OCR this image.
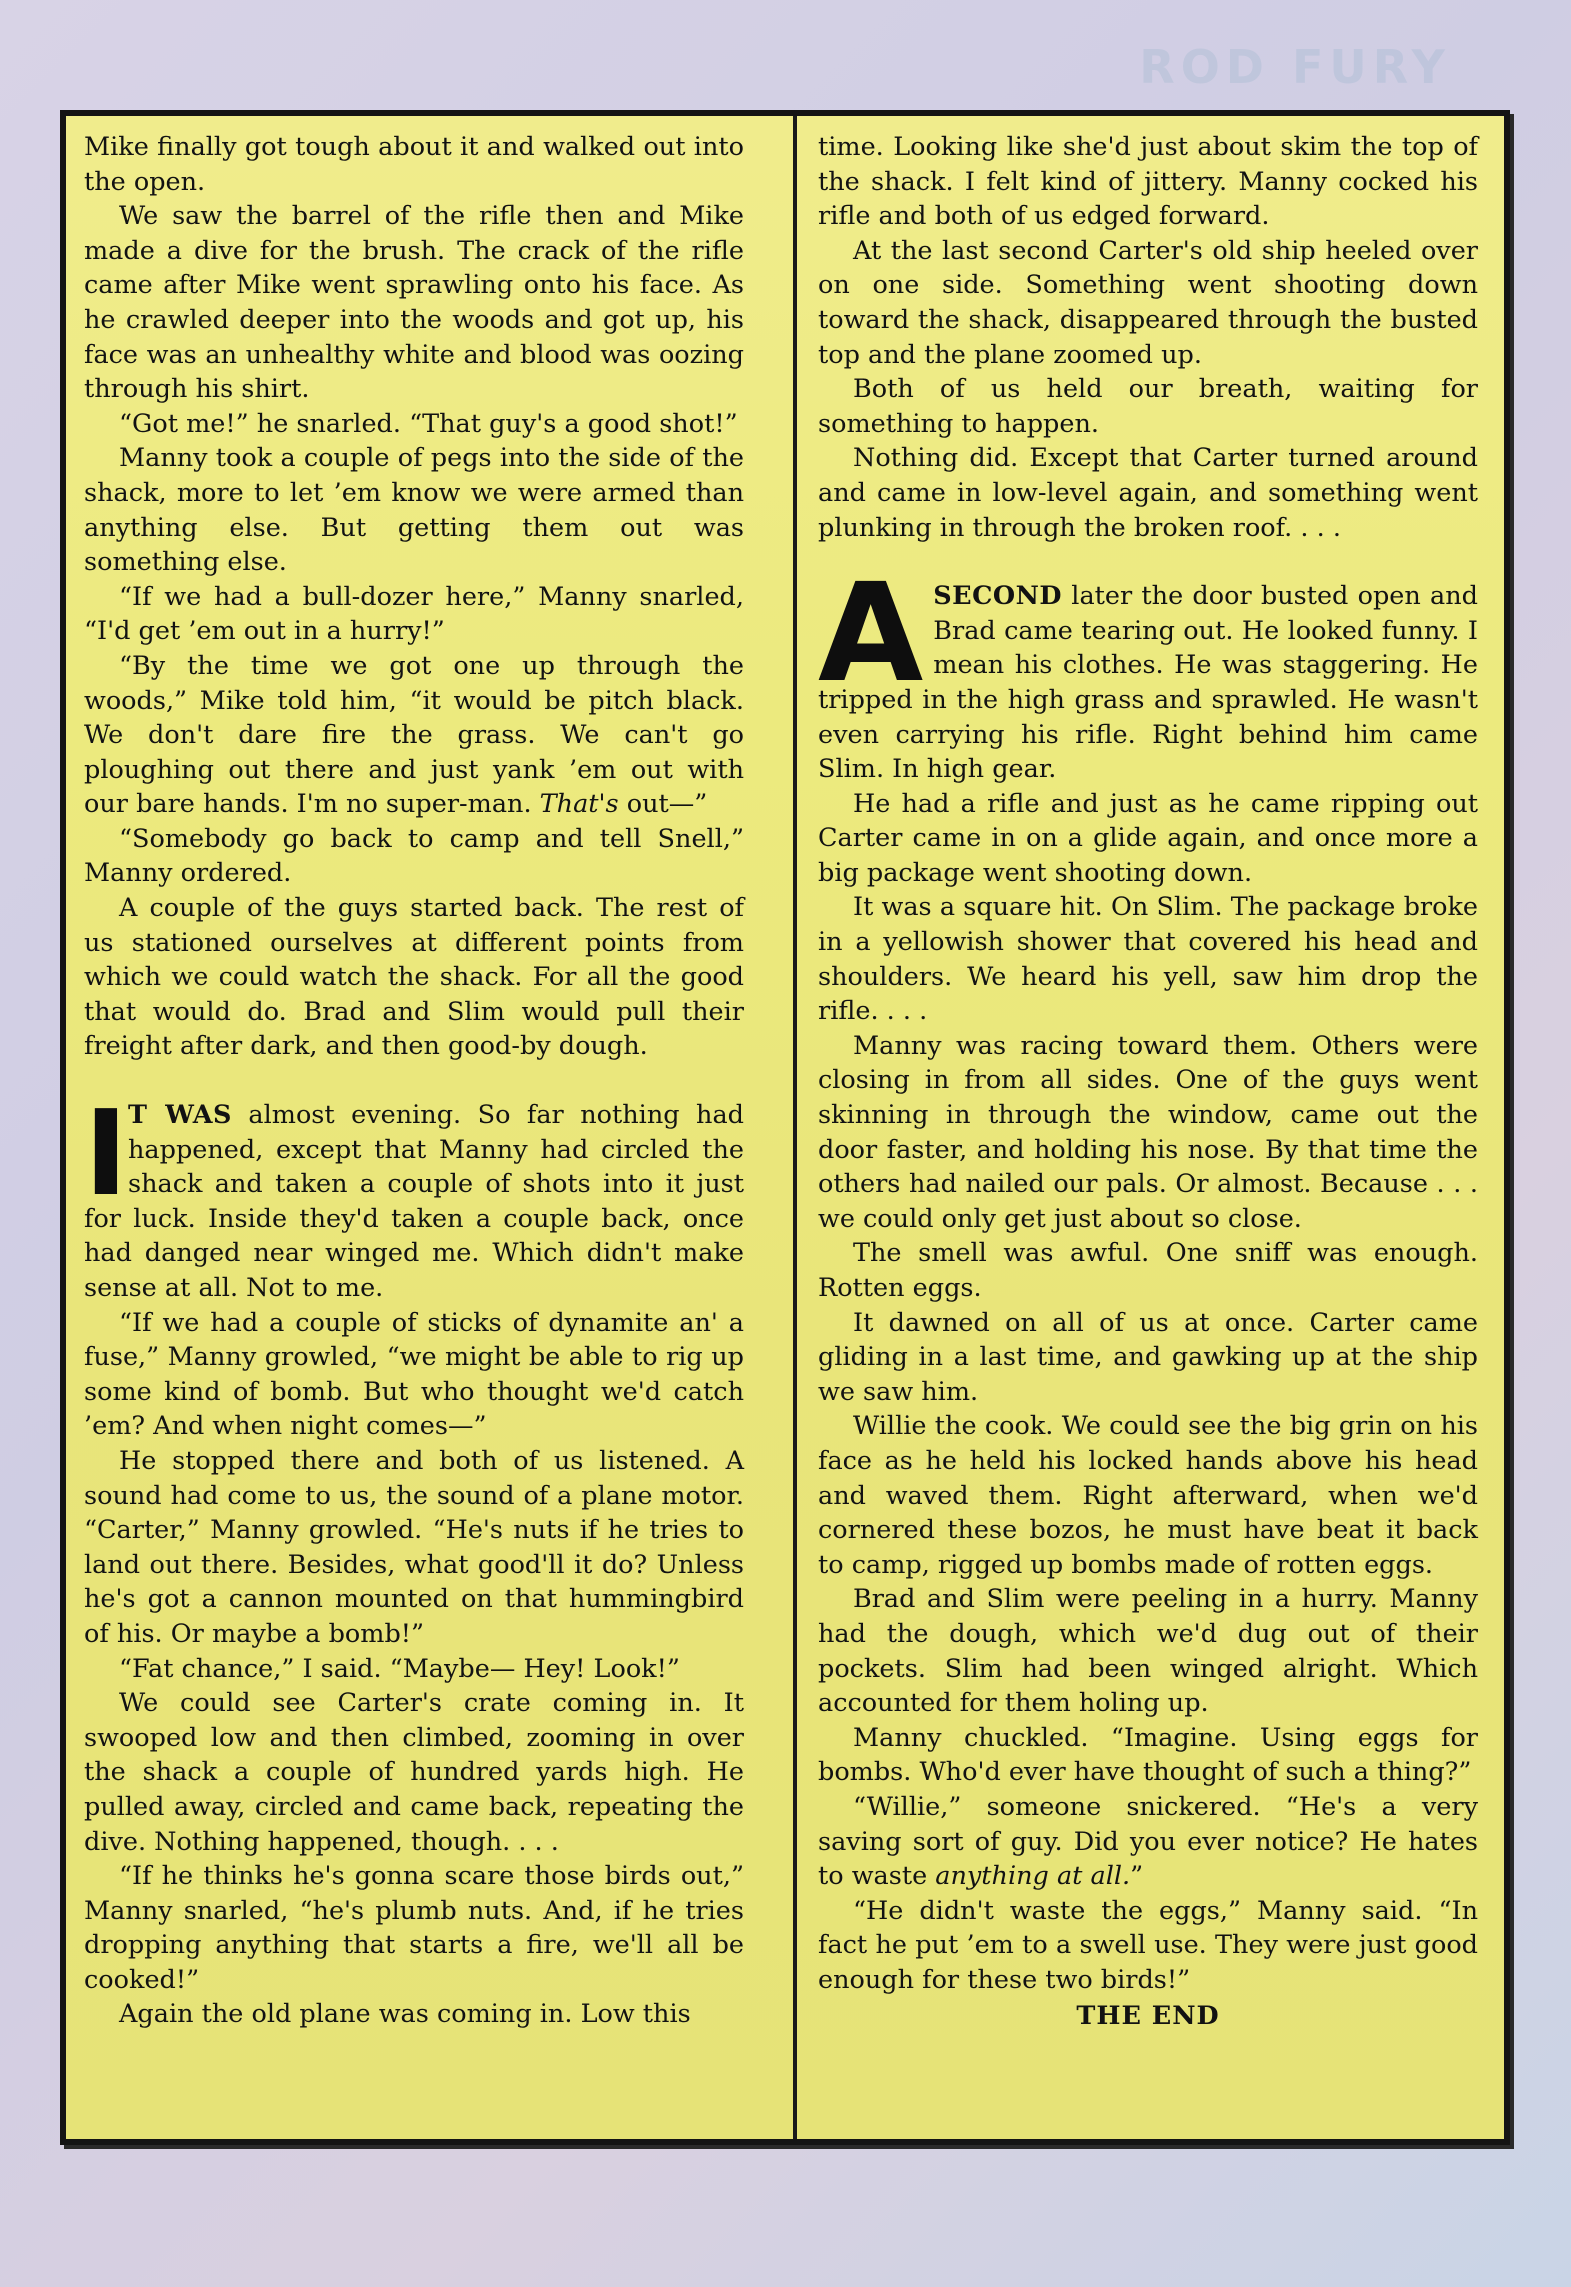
ROD FURY

Mike finally got tough about it and walked out into the open.

We saw the barrel of the rifle then and Mike made a dive for the brush. The crack of the rifle came after Mike went sprawling onto his face. As he crawled deeper into the woods and got up, his face was an unhealthy white and blood was oozing through his shirt.

“Got me!” he snarled. “That guy's a good shot!”

Manny took a couple of pegs into the side of the shack, more to let ’em know we were armed than anything else. But getting them out was something else.

“If we had a bull-dozer here,” Manny snarled, “I'd get ’em out in a hurry!”

“By the time we got one up through the woods,” Mike told him, “it would be pitch black. We don't dare fire the grass. We can't go ploughing out there and just yank ’em out with our bare hands. I'm no super-man. That's out—”

“Somebody go back to camp and tell Snell,” Manny ordered.

A couple of the guys started back. The rest of us stationed ourselves at different points from which we could watch the shack. For all the good that would do. Brad and Slim would pull their freight after dark, and then good-by dough.

I T WAS almost evening. So far nothing had happened, except that Manny had circled the shack and taken a couple of shots into it just for luck. Inside they'd taken a couple back, once had danged near winged me. Which didn't make sense at all. Not to me.

“If we had a couple of sticks of dynamite an' a fuse,” Manny growled, “we might be able to rig up some kind of bomb. But who thought we'd catch ’em? And when night comes—”

He stopped there and both of us listened. A sound had come to us, the sound of a plane motor. “Carter,” Manny growled. “He's nuts if he tries to land out there. Besides, what good'll it do? Unless he's got a cannon mounted on that hummingbird of his. Or maybe a bomb!”

“Fat chance,” I said. “Maybe— Hey! Look!”

We could see Carter's crate coming in. It swooped low and then climbed, zooming in over the shack a couple of hundred yards high. He pulled away, circled and came back, repeating the dive. Nothing happened, though. . . .

“If he thinks he's gonna scare those birds out,” Manny snarled, “he's plumb nuts. And, if he tries dropping anything that starts a fire, we'll all be cooked!”

Again the old plane was coming in. Low this

time. Looking like she'd just about skim the top of the shack. I felt kind of jittery. Manny cocked his rifle and both of us edged forward.

At the last second Carter's old ship heeled over on one side. Something went shooting down toward the shack, disappeared through the busted top and the plane zoomed up.

Both of us held our breath, waiting for something to happen.

Nothing did. Except that Carter turned around and came in low-level again, and something went plunking in through the broken roof. . . .

ASECOND later the door busted open and Brad came tearing out. He looked funny. I mean his clothes. He was staggering. He tripped in the high grass and sprawled. He wasn't even carrying his rifle. Right behind him came Slim. In high gear.

He had a rifle and just as he came ripping out Carter came in on a glide again, and once more a big package went shooting down.

It was a square hit. On Slim. The package broke in a yellowish shower that covered his head and shoulders. We heard his yell, saw him drop the rifle. . . .

Manny was racing toward them. Others were closing in from all sides. One of the guys went skinning in through the window, came out the door faster, and holding his nose. By that time the others had nailed our pals. Or almost. Because . . . we could only get just about so close.

The smell was awful. One sniff was enough. Rotten eggs.

It dawned on all of us at once. Carter came gliding in a last time, and gawking up at the ship we saw him.

Willie the cook. We could see the big grin on his face as he held his locked hands above his head and waved them. Right afterward, when we'd cornered these bozos, he must have beat it back to camp, rigged up bombs made of rotten eggs.

Brad and Slim were peeling in a hurry. Manny had the dough, which we'd dug out of their pockets. Slim had been winged alright. Which accounted for them holing up.

Manny chuckled. “Imagine. Using eggs for bombs. Who'd ever have thought of such a thing?”

“Willie,” someone snickered. “He's a very saving sort of guy. Did you ever notice? He hates to waste anything at all.”

“He didn't waste the eggs,” Manny said. “In fact he put ’em to a swell use. They were just good enough for these two birds!”

THE END
